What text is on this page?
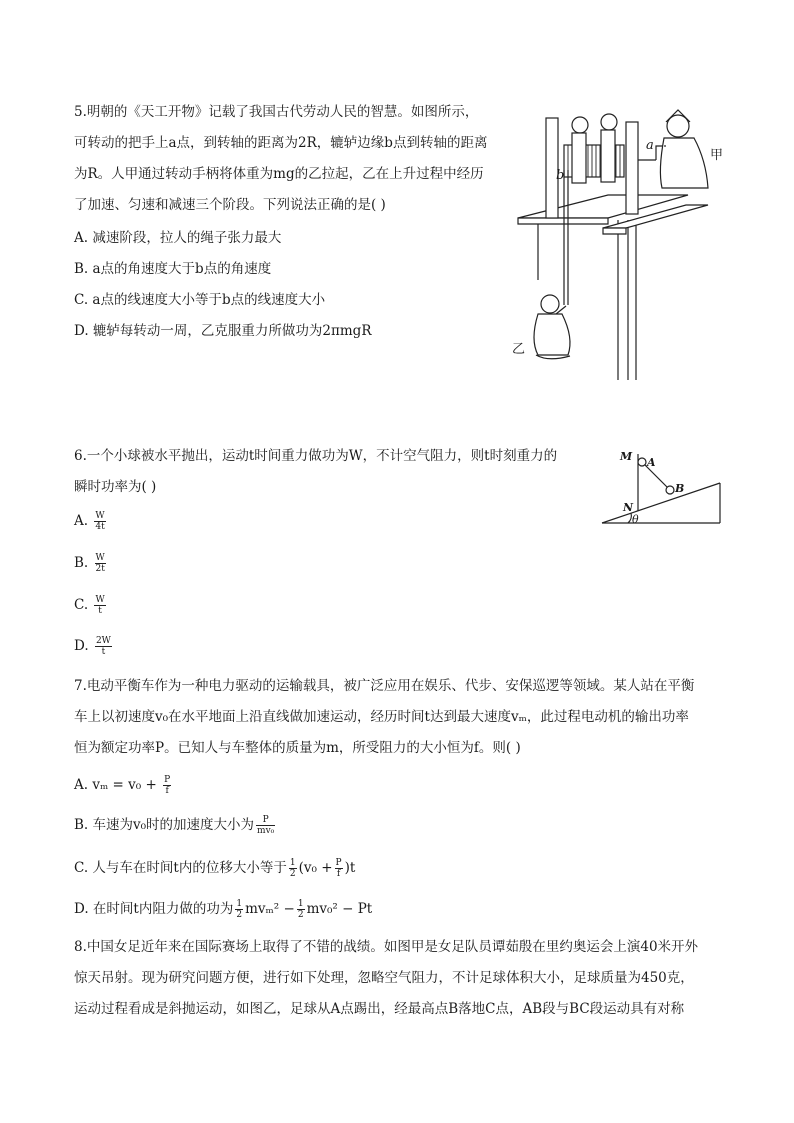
5.明朝的《天工开物》记载了我国古代劳动人民的智慧。如图所示，
可转动的把手上a点，到转轴的距离为2R，辘轳边缘b点到转轴的距离
为R。人甲通过转动手柄将体重为mg的乙拉起，乙在上升过程中经历
了加速、匀速和减速三个阶段。下列说法正确的是( )
A. 减速阶段，拉人的绳子张力最大
B. a点的角速度大于b点的角速度
C. a点的线速度大小等于b点的线速度大小
D. 辘轳每转动一周，乙克服重力所做功为2πmgR
a
b
甲
乙
6.一个小球被水平抛出，运动t时间重力做功为W，不计空气阻力，则t时刻重力的
瞬时功率为( )
A. $\frac{W}{4t}$
B. $\frac{W}{2t}$
C. $\frac{W}{t}$
D. $\frac{2W}{t}$
M A
B
N
θ
7.电动平衡车作为一种电力驱动的运输载具，被广泛应用在娱乐、代步、安保巡逻等领域。某人站在平衡
车上以初速度v₀在水平地面上沿直线做加速运动，经历时间t达到最大速度vₘ，此过程电动机的输出功率
恒为额定功率P。已知人与车整体的质量为m，所受阻力的大小恒为f。则( )
A. $v_m = v_0 + \frac{P}{f}$
B. 车速为v₀时的加速度大小为 $\frac{P}{\text{mv₀}}$
C. 人与车在时间t内的位移大小等于 $\frac{1}{2} (v_0 + \frac{P}{f} )t$
D. 在时间t内阻力做的功为 $\frac{1}{2} mv_m^2 - \frac{1}{2} mv_0^2 - Pt$
8.中国女足近年来在国际赛场上取得了不错的战绩。如图甲是女足队员谭茹殷在里约奥运会上演40米开外
惊天吊射。现为研究问题方便，进行如下处理，忽略空气阻力，不计足球体积大小，足球质量为450克，
运动过程看成是斜抛运动，如图乙，足球从A点踢出，经最高点B落地C点，AB段与BC段运动具有对称
